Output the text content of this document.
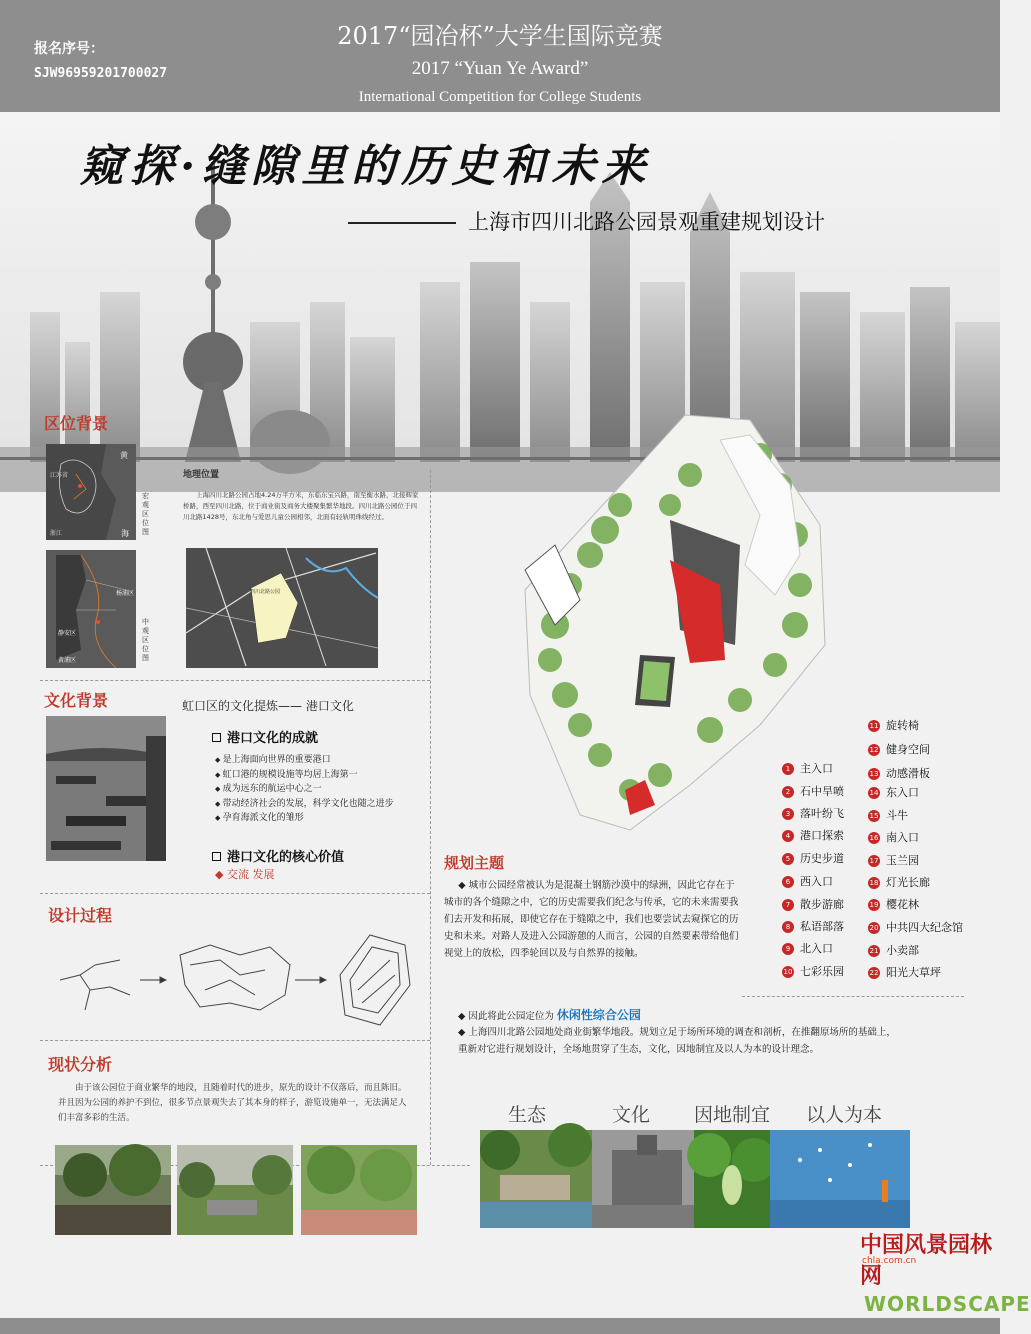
报名序号：
SJW96959201700027
2017“园冶杯”大学生国际竞赛
2017 “Yuan Ye Award”
International Competition for College Students
窥探·缝隙里的历史和未来
上海市四川北路公园景观重建规划设计
区位背景
黄
海
江苏省
浙江
宏观区位图
杨浦区
静安区
黄浦区
中观区位图
地理位置
上海四川北路公园占地4.24万平方米，东临东宝兴路，南至衡水路，北接辉家桥路，西至四川北路，位于商业街及商务大楼聚集繁华地段。四川北路公园位于四川北路1428号，东北角与爱思儿童公园相邻，北面有轻轨明珠线经过。
四川北路公园
文化背景	虹口区的文化提炼—— 港口文化
港口文化的成就
◆ 是上海面向世界的重要港口
◆ 虹口港的规模设施等均居上海第一
◆ 成为远东的航运中心之一
◆ 带动经济社会的发展，科学文化也随之进步
◆ 孕育海派文化的雏形
港口文化的核心价值
◆ 交流 发展
设计过程
现状分析
由于该公园位于商业繁华的地段，且随着时代的进步，原先的设计不仅落后，而且陈旧。并且因为公园的养护不到位，很多节点景观失去了其本身的样子，游览设施单一，无法满足人们丰富多彩的生活。
1 主入口
2 石中旱喷
3 落叶纷飞
4 港口探索
5 历史步道
6 西入口
7 散步游廊
8 私语部落
9 北入口
10 七彩乐园
11 旋转椅
12 健身空间
13 动感滑板
14 东入口
15 斗牛
16 南入口
17 玉兰园
18 灯光长廊
19 樱花林
20 中共四大纪念馆
21 小卖部
22 阳光大草坪
规划主题
◆ 城市公园经常被认为是混凝土钢筋沙漠中的绿洲，因此它存在于城市的各个缝隙之中，它的历史需要我们纪念与传承，它的未来需要我们去开发和拓展，即使它存在于缝隙之中，我们也要尝试去窥探它的历史和未来。对路人及进入公园游憩的人而言，公园的自然要素带给他们视觉上的放松，四季轮回以及与自然界的接触。
◆ 因此将此公园定位为 休闲性综合公园
◆ 上海四川北路公园地处商业街繁华地段。规划立足于场所环境的调查和剖析，在推翻原场所的基础上，重新对它进行规划设计，全场地贯穿了生态，文化，因地制宜及以人为本的设计理念。
生态	文化 因地制宜 以人为本
中国风景园林网
chla.com.cn
WORLDSCAPE
